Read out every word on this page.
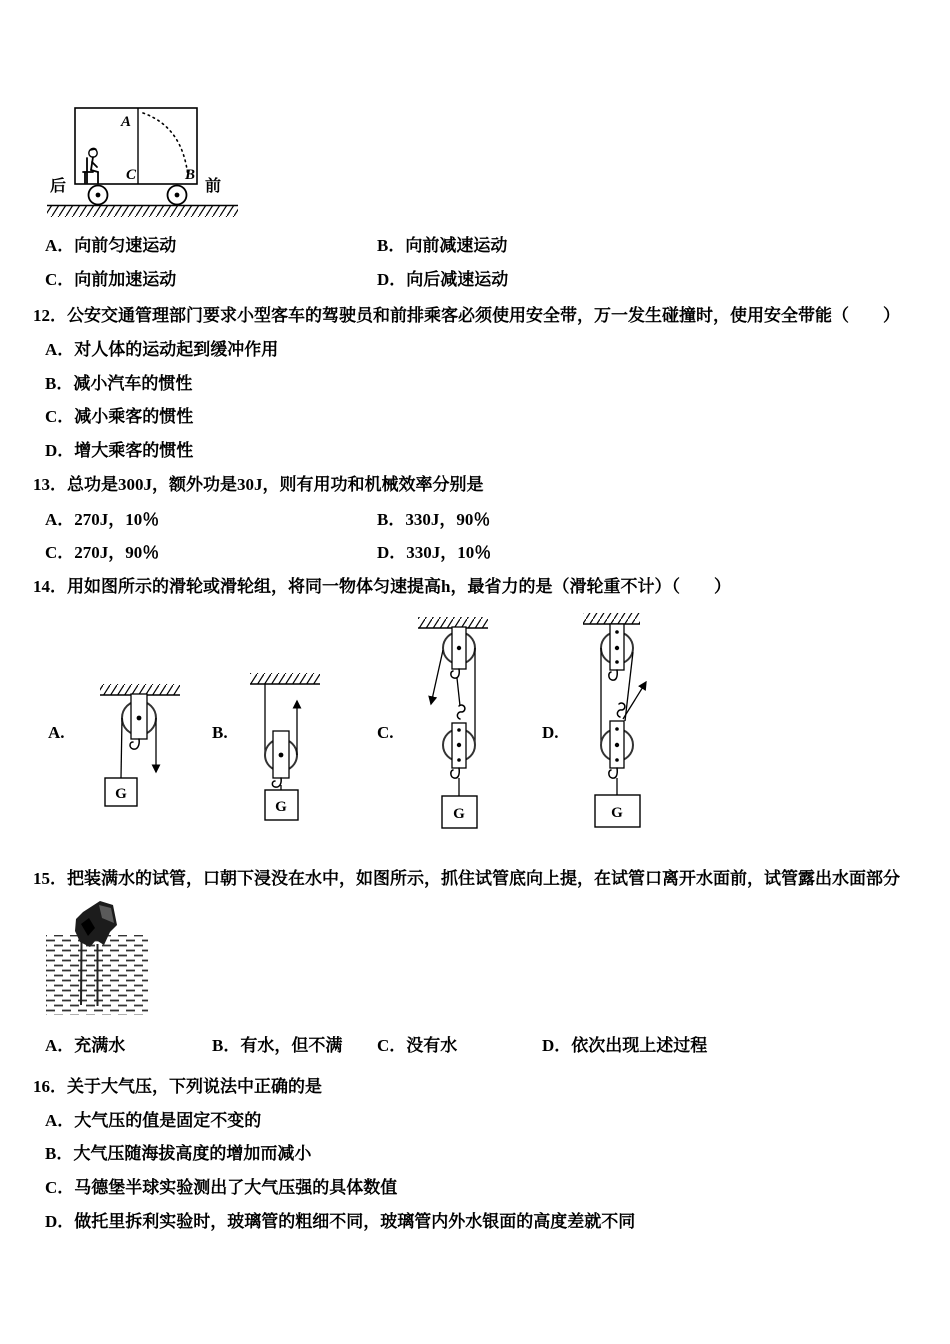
A
C	B
后	前
A．向前匀速运动	B．向前减速运动
C．向前加速运动	D．向后减速运动
12．公安交通管理部门要求小型客车的驾驶员和前排乘客必须使用安全带，万一发生碰撞时，使用安全带能（　　）
A．对人体的运动起到缓冲作用
B．减小汽车的惯性
C．减小乘客的惯性
D．增大乘客的惯性
13．总功是300J，额外功是30J，则有用功和机械效率分别是
A．270J，10％	B．330J，90％
C．270J，90％	D．330J，10％
14．用如图所示的滑轮或滑轮组，将同一物体匀速提高h，最省力的是（滑轮重不计）（　　）
A.	B.	C.	D.
G
G	G	G
15．把装满水的试管，口朝下浸没在水中，如图所示，抓住试管底向上提，在试管口离开水面前，试管露出水面部分
A．充满水	B．有水，但不满 C．没有水	D．依次出现上述过程
16．关于大气压，下列说法中正确的是
A．大气压的值是固定不变的
B．大气压随海拔高度的增加而减小
C．马德堡半球实验测出了大气压强的具体数值
D．做托里拆利实验时，玻璃管的粗细不同，玻璃管内外水银面的高度差就不同
